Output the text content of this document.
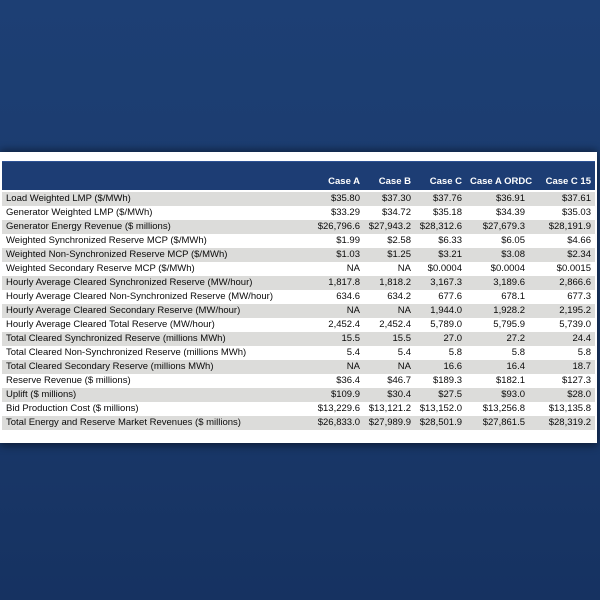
	Case A	Case B	Case C	Case A ORDC	Case C 15
Load Weighted LMP ($/MWh)	$35.80	$37.30	$37.76	$36.91	$37.61
Generator Weighted LMP ($/MWh)	$33.29	$34.72	$35.18	$34.39	$35.03
Generator Energy Revenue ($ millions)	$26,796.6	$27,943.2	$28,312.6	$27,679.3	$28,191.9
Weighted Synchronized Reserve MCP ($/MWh)	$1.99	$2.58	$6.33	$6.05	$4.66
Weighted Non-Synchronized Reserve MCP ($/MWh)	$1.03	$1.25	$3.21	$3.08	$2.34
Weighted Secondary Reserve MCP ($/MWh)	NA	NA	$0.0004	$0.0004	$0.0015
Hourly Average Cleared Synchronized Reserve (MW/hour)	1,817.8	1,818.2	3,167.3	3,189.6	2,866.6
Hourly Average Cleared Non-Synchronized Reserve (MW/hour)	634.6	634.2	677.6	678.1	677.3
Hourly Average Cleared Secondary Reserve (MW/hour)	NA	NA	1,944.0	1,928.2	2,195.2
Hourly Average Cleared Total Reserve (MW/hour)	2,452.4	2,452.4	5,789.0	5,795.9	5,739.0
Total Cleared Synchronized Reserve (millions MWh)	15.5	15.5	27.0	27.2	24.4
Total Cleared Non-Synchronized Reserve (millions MWh)	5.4	5.4	5.8	5.8	5.8
Total Cleared Secondary Reserve (millions MWh)	NA	NA	16.6	16.4	18.7
Reserve Revenue ($ millions)	$36.4	$46.7	$189.3	$182.1	$127.3
Uplift ($ millions)	$109.9	$30.4	$27.5	$93.0	$28.0
Bid Production Cost ($ millions)	$13,229.6	$13,121.2	$13,152.0	$13,256.8	$13,135.8
Total Energy and Reserve Market Revenues ($ millions)	$26,833.0	$27,989.9	$28,501.9	$27,861.5	$28,319.2
